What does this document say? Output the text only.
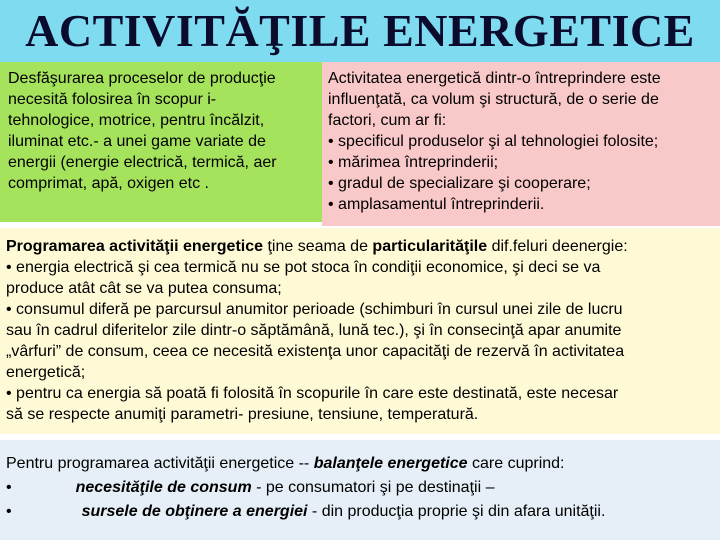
ACTIVITĂŢILE ENERGETICE
Desfăşurarea proceselor de producţie
necesită folosirea în scopur i-
tehnologice, motrice, pentru încălzit,
iluminat etc.- a unei game variate de
energii (energie electrică, termică, aer
comprimat, apă, oxigen etc .
Activitatea energetică dintr-o întreprindere este
influenţată, ca volum şi structură, de o serie de
factori, cum ar fi:
• specificul produselor şi al tehnologiei folosite;
• mărimea întreprinderii;
• gradul de specializare şi cooperare;
• amplasamentul întreprinderii.
Programarea activităţii energetice ţine seama de particularităţile dif.feluri deenergie:
• energia electrică şi cea termică nu se pot stoca în condiţii economice, şi deci se va
produce atât cât se va putea consuma;
• consumul diferă pe parcursul anumitor perioade (schimburi în cursul unei zile de lucru
sau în cadrul diferitelor zile dintr-o săptămână, lună tec.), şi în consecinţă apar anumite
„vârfuri” de consum, ceea ce necesită existenţa unor capacităţi de rezervă în activitatea
energetică;
• pentru ca energia să poată fi folosită în scopurile în care este destinată, este necesar
să se respecte anumiţi parametri- presiune, tensiune, temperatură.
Pentru programarea activităţii energetice -- balanţele energetice care cuprind:
•	necesităţile de consum - pe consumatori şi pe destinaţii –
•	sursele de obţinere a energiei - din producţia proprie şi din afara unităţii.
